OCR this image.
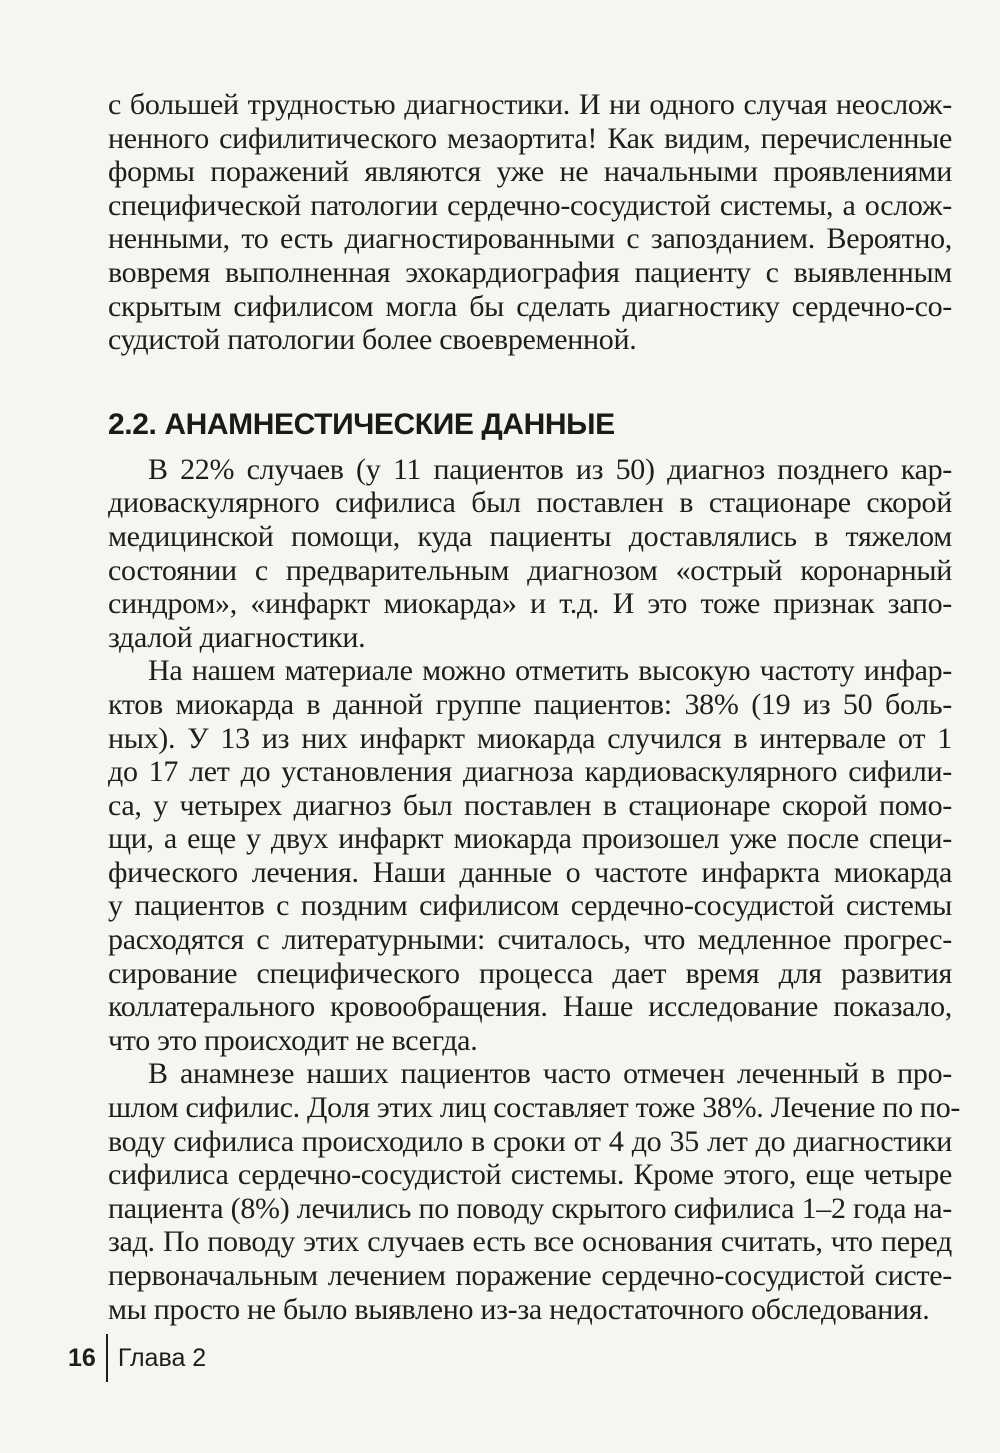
с большей трудностью диагностики. И ни одного случая неослож-
ненного сифилитического мезаортита! Как видим, перечисленные
формы поражений являются уже не начальными проявлениями
специфической патологии сердечно-сосудистой системы, а ослож-
ненными, то есть диагностированными с запозданием. Вероятно,
вовремя выполненная эхокардиография пациенту с выявленным
скрытым сифилисом могла бы сделать диагностику сердечно-со-
судистой патологии более своевременной.
2.2. АНАМНЕСТИЧЕСКИЕ ДАННЫЕ
В 22% случаев (у 11 пациентов из 50) диагноз позднего кар-
диоваскулярного сифилиса был поставлен в стационаре скорой
медицинской помощи, куда пациенты доставлялись в тяжелом
состоянии с предварительным диагнозом «острый коронарный
синдром», «инфаркт миокарда» и т.д. И это тоже признак запо-
здалой диагностики.
На нашем материале можно отметить высокую частоту инфар-
ктов миокарда в данной группе пациентов: 38% (19 из 50 боль-
ных). У 13 из них инфаркт миокарда случился в интервале от 1
до 17 лет до установления диагноза кардиоваскулярного сифили-
са, у четырех диагноз был поставлен в стационаре скорой помо-
щи, а еще у двух инфаркт миокарда произошел уже после специ-
фического лечения. Наши данные о частоте инфаркта миокарда
у пациентов с поздним сифилисом сердечно-сосудистой системы
расходятся с литературными: считалось, что медленное прогрес-
сирование специфического процесса дает время для развития
коллатерального кровообращения. Наше исследование показало,
что это происходит не всегда.
В анамнезе наших пациентов часто отмечен леченный в про-
шлом сифилис. Доля этих лиц составляет тоже 38%. Лечение по по-
воду сифилиса происходило в сроки от 4 до 35 лет до диагностики
сифилиса сердечно-сосудистой системы. Кроме этого, еще четыре
пациента (8%) лечились по поводу скрытого сифилиса 1–2 года на-
зад. По поводу этих случаев есть все основания считать, что перед
первоначальным лечением поражение сердечно-сосудистой систе-
мы просто не было выявлено из-за недостаточного обследования.
16 Глава 2
